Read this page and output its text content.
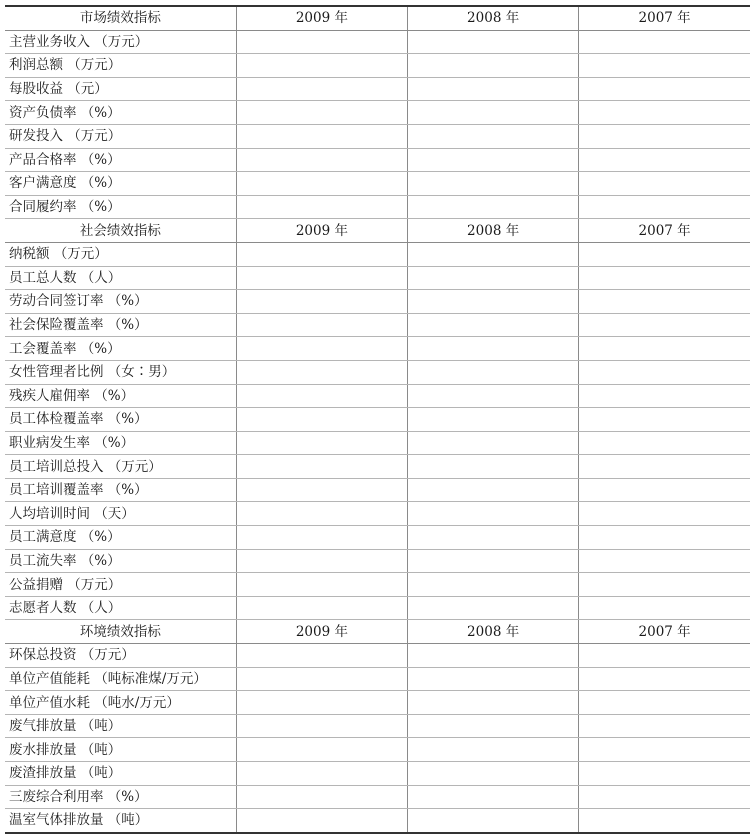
市场绩效指标	2009 年	2008 年	2007 年
主营业务收入 （万元）			
利润总额 （万元）			
每股收益 （元）			
资产负债率 （%）			
研发投入 （万元）			
产品合格率 （%）			
客户满意度 （%）			
合同履约率 （%）			
社会绩效指标	2009 年	2008 年	2007 年
纳税额 （万元）			
员工总人数 （人）			
劳动合同签订率 （%）			
社会保险覆盖率 （%）			
工会覆盖率 （%）			
女性管理者比例 （女∶男）			
残疾人雇佣率 （%）			
员工体检覆盖率 （%）			
职业病发生率 （%）			
员工培训总投入 （万元）			
员工培训覆盖率 （%）			
人均培训时间 （天）			
员工满意度 （%）			
员工流失率 （%）			
公益捐赠 （万元）			
志愿者人数 （人）			
环境绩效指标	2009 年	2008 年	2007 年
环保总投资 （万元）			
单位产值能耗 （吨标准煤/万元）			
单位产值水耗 （吨水/万元）			
废气排放量 （吨）			
废水排放量 （吨）			
废渣排放量 （吨）			
三废综合利用率 （%）			
温室气体排放量 （吨）			
